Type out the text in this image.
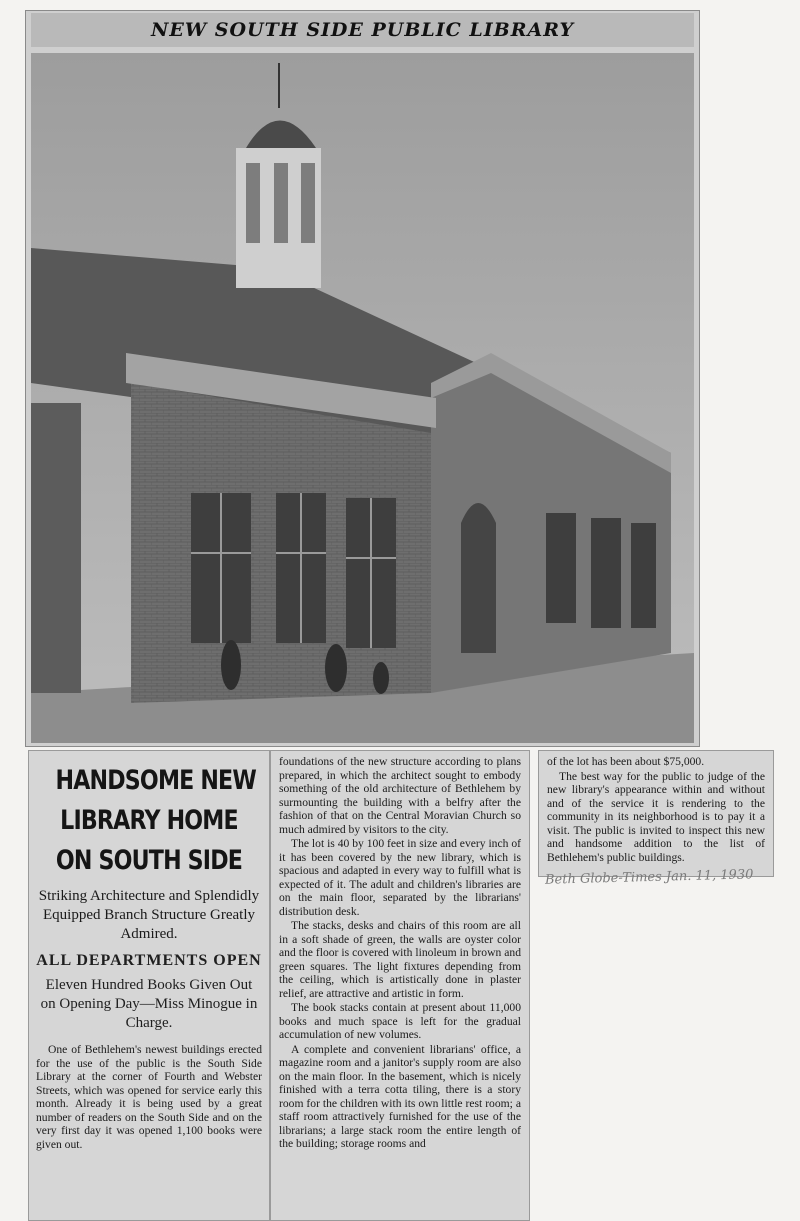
NEW SOUTH SIDE PUBLIC LIBRARY
HANDSOME NEW
LIBRARY HOME
ON SOUTH SIDE
Striking Architecture and Splendidly Equipped Branch Structure Greatly Admired.
ALL DEPARTMENTS OPEN
Eleven Hundred Books Given Out on Opening Day—Miss Minogue in Charge.

One of Bethlehem's newest buildings erected for the use of the public is the South Side Library at the corner of Fourth and Webster Streets, which was opened for service early this month. Already it is being used by a great number of readers on the South Side and on the very first day it was opened 1,100 books were given out.

foundations of the new structure according to plans prepared, in which the architect sought to embody something of the old architecture of Bethlehem by surmounting the building with a belfry after the fashion of that on the Central Moravian Church so much admired by visitors to the city.

The lot is 40 by 100 feet in size and every inch of it has been covered by the new library, which is spacious and adapted in every way to fulfill what is expected of it. The adult and children's libraries are on the main floor, separated by the librarians' distribution desk.

The stacks, desks and chairs of this room are all in a soft shade of green, the walls are oyster color and the floor is covered with linoleum in brown and green squares. The light fixtures depending from the ceiling, which is artistically done in plaster relief, are attractive and artistic in form.

The book stacks contain at present about 11,000 books and much space is left for the gradual accumulation of new volumes.

A complete and convenient librarians' office, a magazine room and a janitor's supply room are also on the main floor. In the basement, which is nicely finished with a terra cotta tiling, there is a story room for the children with its own little rest room; a staff room attractively furnished for the use of the librarians; a large stack room the entire length of the building; storage rooms and

of the lot has been about $75,000.

The best way for the public to judge of the new library's appearance within and without and of the service it is rendering to the community in its neighborhood is to pay it a visit. The public is invited to inspect this new and handsome addition to the list of Bethlehem's public buildings.

Beth Globe-Times Jan. 11, 1930
